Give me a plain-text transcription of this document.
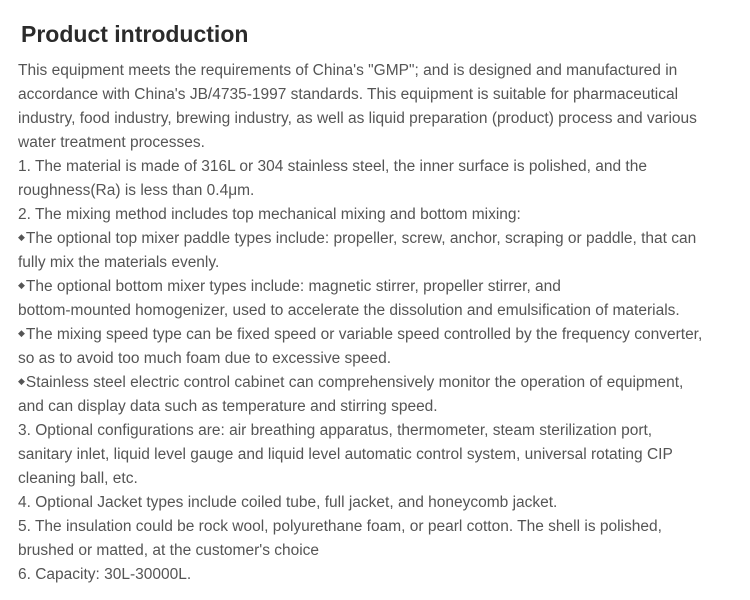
Product introduction
This equipment meets the requirements of China's "GMP"; and is designed and manufactured in
accordance with China's JB/4735-1997 standards. This equipment is suitable for pharmaceutical
industry, food industry, brewing industry, as well as liquid preparation (product) process and various
water treatment processes.
1. The material is made of 316L or 304 stainless steel, the inner surface is polished, and the
roughness(Ra) is less than 0.4μm.
2. The mixing method includes top mechanical mixing and bottom mixing:
◆The optional top mixer paddle types include: propeller, screw, anchor, scraping or paddle, that can
fully mix the materials evenly.
◆The optional bottom mixer types include: magnetic stirrer, propeller stirrer, and
bottom-mounted homogenizer, used to accelerate the dissolution and emulsification of materials.
◆The mixing speed type can be fixed speed or variable speed controlled by the frequency converter,
so as to avoid too much foam due to excessive speed.
◆Stainless steel electric control cabinet can comprehensively monitor the operation of equipment,
and can display data such as temperature and stirring speed.
3. Optional configurations are: air breathing apparatus, thermometer, steam sterilization port,
sanitary inlet, liquid level gauge and liquid level automatic control system, universal rotating CIP
cleaning ball, etc.
4. Optional Jacket types include coiled tube, full jacket, and honeycomb jacket.
5. The insulation could be rock wool, polyurethane foam, or pearl cotton. The shell is polished,
brushed or matted, at the customer's choice
6. Capacity: 30L-30000L.
